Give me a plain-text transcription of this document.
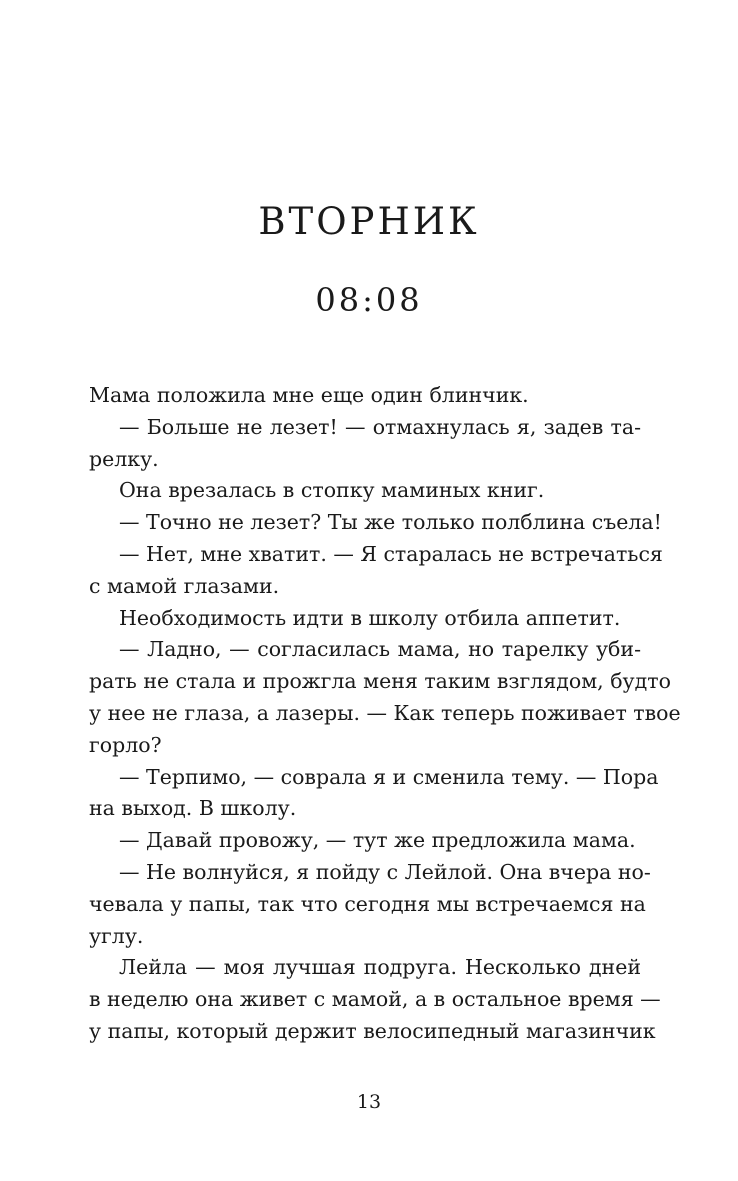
ВТОРНИК
08:08
Мама положила мне еще один блинчик.
— Больше не лезет! — отмахнулась я, задев та-
релку.
Она врезалась в стопку маминых книг.
— Точно не лезет? Ты же только полблина съела!
— Нет, мне хватит. — Я старалась не встречаться
с мамой глазами.
Необходимость идти в школу отбила аппетит.
— Ладно, — согласилась мама, но тарелку уби-
рать не стала и прожгла меня таким взглядом, будто
у нее не глаза, а лазеры. — Как теперь поживает твое
горло?
— Терпимо, — соврала я и сменила тему. — Пора
на выход. В школу.
— Давай провожу, — тут же предложила мама.
— Не волнуйся, я пойду с Лейлой. Она вчера но-
чевала у папы, так что сегодня мы встречаемся на
углу.
Лейла — моя лучшая подруга. Несколько дней
в неделю она живет с мамой, а в остальное время —
у папы, который держит велосипедный магазинчик
13
